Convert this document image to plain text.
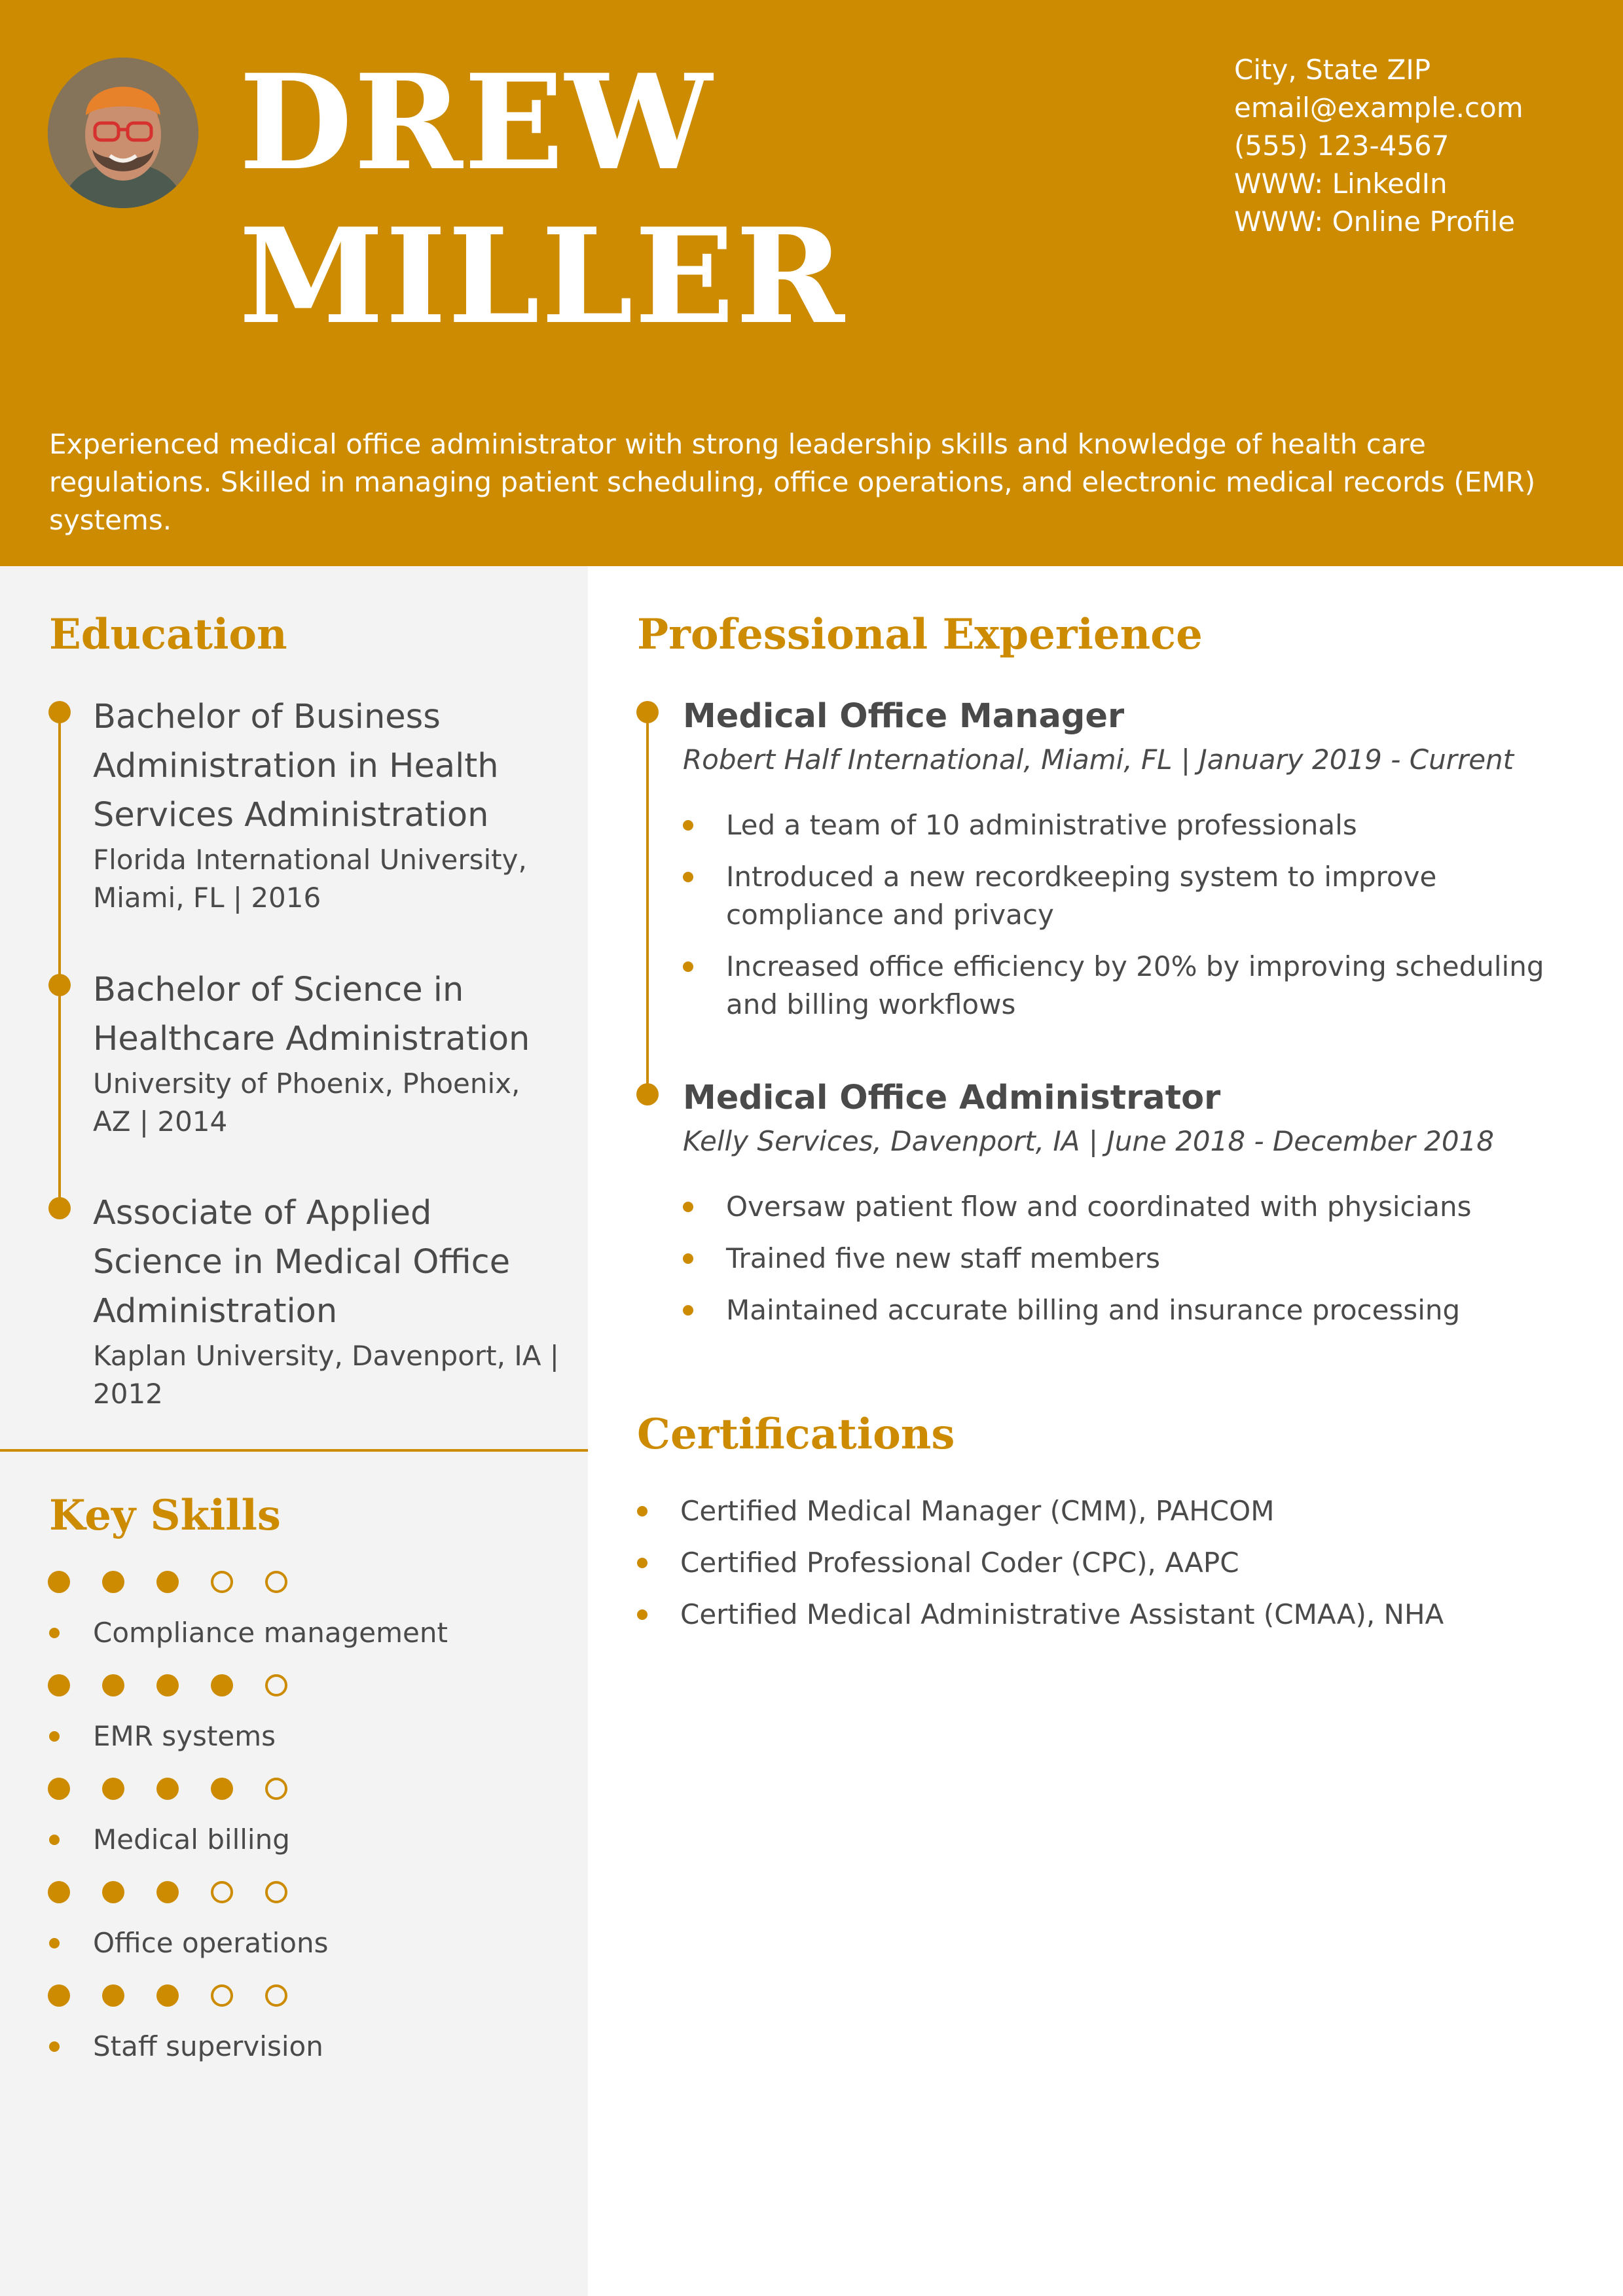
DREW
MILLER
City, State ZIP
email@example.com
(555) 123-4567
WWW: LinkedIn
WWW: Online Profile
Experienced medical office administrator with strong leadership skills and knowledge of health care regulations. Skilled in managing patient scheduling, office operations, and electronic medical records (EMR) systems.
Education
Bachelor of Business Administration in Health Services Administration
Florida International University, Miami, FL | 2016
Bachelor of Science in Healthcare Administration
University of Phoenix, Phoenix, AZ | 2014
Associate of Applied Science in Medical Office Administration
Kaplan University, Davenport, IA | 2012
Key Skills
Compliance management
EMR systems
Medical billing
Office operations
Staff supervision
Professional Experience
Medical Office Manager
Robert Half International, Miami, FL | January 2019 - Current
Led a team of 10 administrative professionals
Introduced a new recordkeeping system to improve compliance and privacy
Increased office efficiency by 20% by improving scheduling and billing workflows
Medical Office Administrator
Kelly Services, Davenport, IA | June 2018 - December 2018
Oversaw patient flow and coordinated with physicians
Trained five new staff members
Maintained accurate billing and insurance processing
Certifications
Certified Medical Manager (CMM), PAHCOM
Certified Professional Coder (CPC), AAPC
Certified Medical Administrative Assistant (CMAA), NHA
